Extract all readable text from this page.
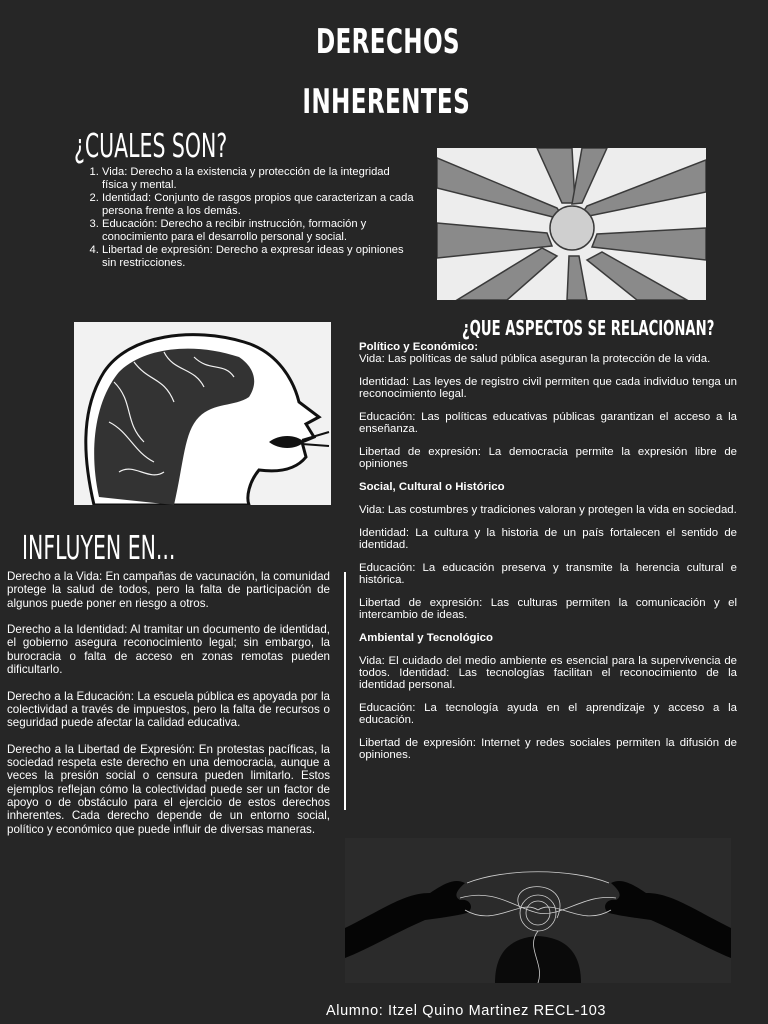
DERECHOS
INHERENTES
¿CUALES SON?
1. Vida: Derecho a la existencia y protección de la integridad física y mental.
2. Identidad: Conjunto de rasgos propios que caracterizan a cada persona frente a los demás.
3. Educación: Derecho a recibir instrucción, formación y conocimiento para el desarrollo personal y social.
4. Libertad de expresión: Derecho a expresar ideas y opiniones sin restricciones.
¿QUE ASPECTOS SE RELACIONAN?
Político y Económico:

Vida: Las políticas de salud pública aseguran la protección de la vida.

Identidad: Las leyes de registro civil permiten que cada individuo tenga un reconocimiento legal.

Educación: Las políticas educativas públicas garantizan el acceso a la enseñanza.

Libertad de expresión: La democracia permite la expresión libre de opiniones

Social, Cultural o Histórico

Vida: Las costumbres y tradiciones valoran y protegen la vida en sociedad.

Identidad: La cultura y la historia de un país fortalecen el sentido de identidad.

Educación: La educación preserva y transmite la herencia cultural e histórica.

Libertad de expresión: Las culturas permiten la comunicación y el intercambio de ideas.

Ambiental y Tecnológico

Vida: El cuidado del medio ambiente es esencial para la supervivencia de todos. Identidad: Las tecnologías facilitan el reconocimiento de la identidad personal.

Educación: La tecnología ayuda en el aprendizaje y acceso a la educación.

Libertad de expresión: Internet y redes sociales permiten la difusión de opiniones.

INFLUYEN EN...

Derecho a la Vida: En campañas de vacunación, la comunidad protege la salud de todos, pero la falta de participación de algunos puede poner en riesgo a otros.

Derecho a la Identidad: Al tramitar un documento de identidad, el gobierno asegura reconocimiento legal; sin embargo, la burocracia o falta de acceso en zonas remotas pueden dificultarlo.

Derecho a la Educación: La escuela pública es apoyada por la colectividad a través de impuestos, pero la falta de recursos o seguridad puede afectar la calidad educativa.

Derecho a la Libertad de Expresión: En protestas pacíficas, la sociedad respeta este derecho en una democracia, aunque a veces la presión social o censura pueden limitarlo. Estos ejemplos reflejan cómo la colectividad puede ser un factor de apoyo o de obstáculo para el ejercicio de estos derechos inherentes. Cada derecho depende de un entorno social, político y económico que puede influir de diversas maneras.

Alumno: Itzel Quino Martinez RECL-103
